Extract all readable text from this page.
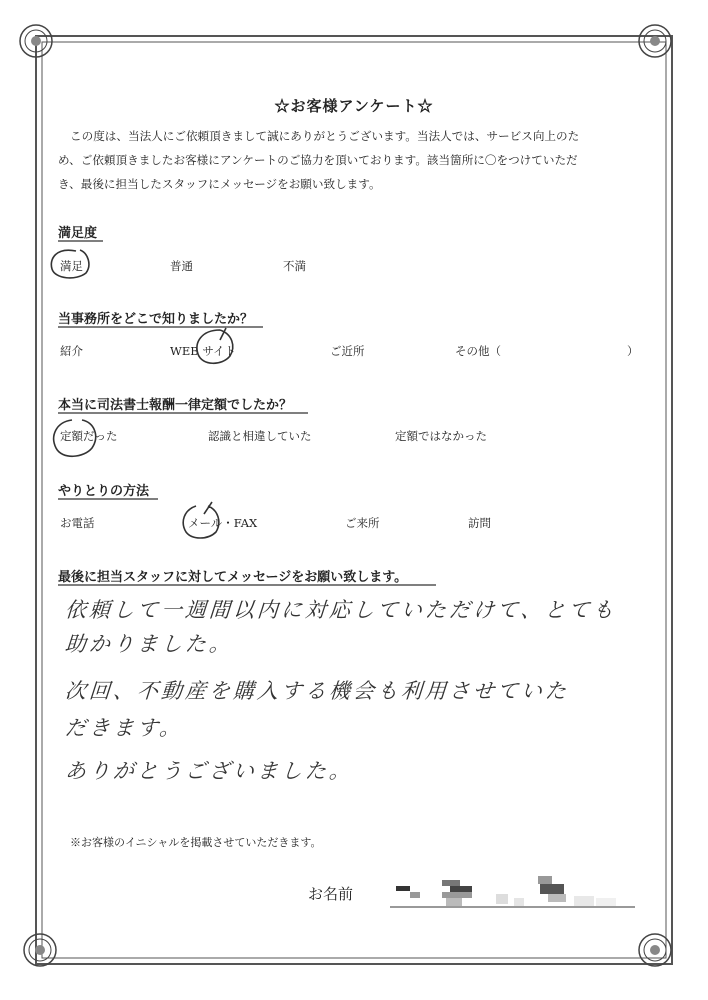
☆お客様アンケート☆
この度は、当法人にご依頼頂きまして誠にありがとうございます。当法人では、サービス向上のた
め、ご依頼頂きましたお客様にアンケートのご協力を頂いております。該当箇所に〇をつけていただ
き、最後に担当したスタッフにメッセージをお願い致します。
満足度
満足	普通	不満
当事務所をどこで知りましたか？
紹介	WEB サイト	ご近所	その他（	）
本当に司法書士報酬一律定額でしたか？
定額だった	認識と相違していた	定額ではなかった
やりとりの方法
お電話	メール・FAX	ご来所	訪問
最後に担当スタッフに対してメッセージをお願い致します。
依頼して一週間以内に対応していただけて、とても
助かりました。
次回、不動産を購入する機会も利用させていた
だきます。
ありがとうございました。
※お客様のイニシャルを掲載させていただきます。
お名前
